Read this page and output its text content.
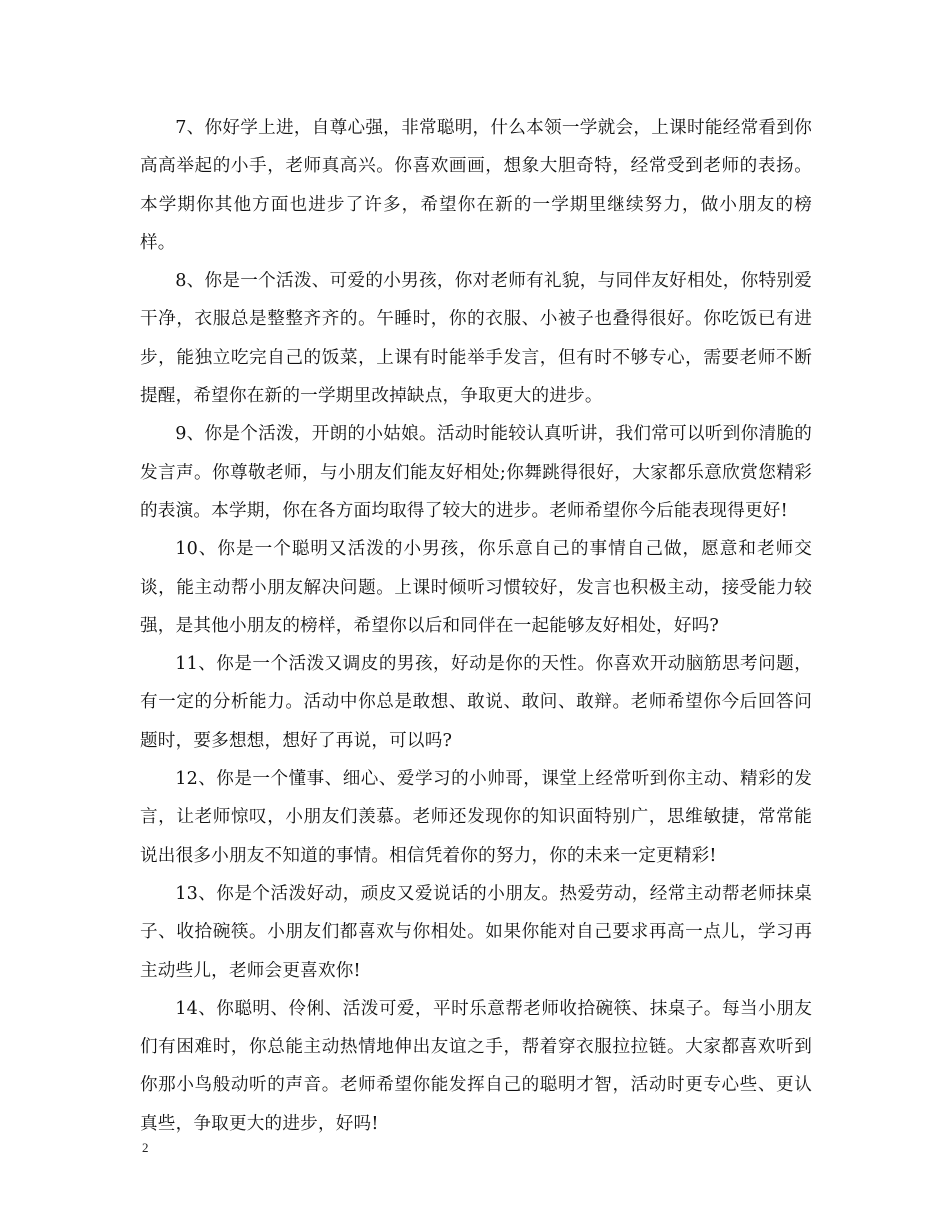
7、你好学上进，自尊心强，非常聪明，什么本领一学就会，上课时能经常看到你高高举起的小手，老师真高兴。你喜欢画画，想象大胆奇特，经常受到老师的表扬。本学期你其他方面也进步了许多，希望你在新的一学期里继续努力，做小朋友的榜样。

8、你是一个活泼、可爱的小男孩，你对老师有礼貌，与同伴友好相处，你特别爱干净，衣服总是整整齐齐的。午睡时，你的衣服、小被子也叠得很好。你吃饭已有进步，能独立吃完自己的饭菜，上课有时能举手发言，但有时不够专心，需要老师不断提醒，希望你在新的一学期里改掉缺点，争取更大的进步。

9、你是个活泼，开朗的小姑娘。活动时能较认真听讲，我们常可以听到你清脆的发言声。你尊敬老师，与小朋友们能友好相处;你舞跳得很好，大家都乐意欣赏您精彩的表演。本学期，你在各方面均取得了较大的进步。老师希望你今后能表现得更好!

10、你是一个聪明又活泼的小男孩，你乐意自己的事情自己做，愿意和老师交谈，能主动帮小朋友解决问题。上课时倾听习惯较好，发言也积极主动，接受能力较强，是其他小朋友的榜样，希望你以后和同伴在一起能够友好相处，好吗?

11、你是一个活泼又调皮的男孩，好动是你的天性。你喜欢开动脑筋思考问题，有一定的分析能力。活动中你总是敢想、敢说、敢问、敢辩。老师希望你今后回答问题时，要多想想，想好了再说，可以吗?

12、你是一个懂事、细心、爱学习的小帅哥，课堂上经常听到你主动、精彩的发言，让老师惊叹，小朋友们羡慕。老师还发现你的知识面特别广，思维敏捷，常常能说出很多小朋友不知道的事情。相信凭着你的努力，你的未来一定更精彩!

13、你是个活泼好动，顽皮又爱说话的小朋友。热爱劳动，经常主动帮老师抹桌子、收拾碗筷。小朋友们都喜欢与你相处。如果你能对自己要求再高一点儿，学习再主动些儿，老师会更喜欢你!

14、你聪明、伶俐、活泼可爱，平时乐意帮老师收拾碗筷、抹桌子。每当小朋友们有困难时，你总能主动热情地伸出友谊之手，帮着穿衣服拉拉链。大家都喜欢听到你那小鸟般动听的声音。老师希望你能发挥自己的聪明才智，活动时更专心些、更认真些，争取更大的进步，好吗!

2
